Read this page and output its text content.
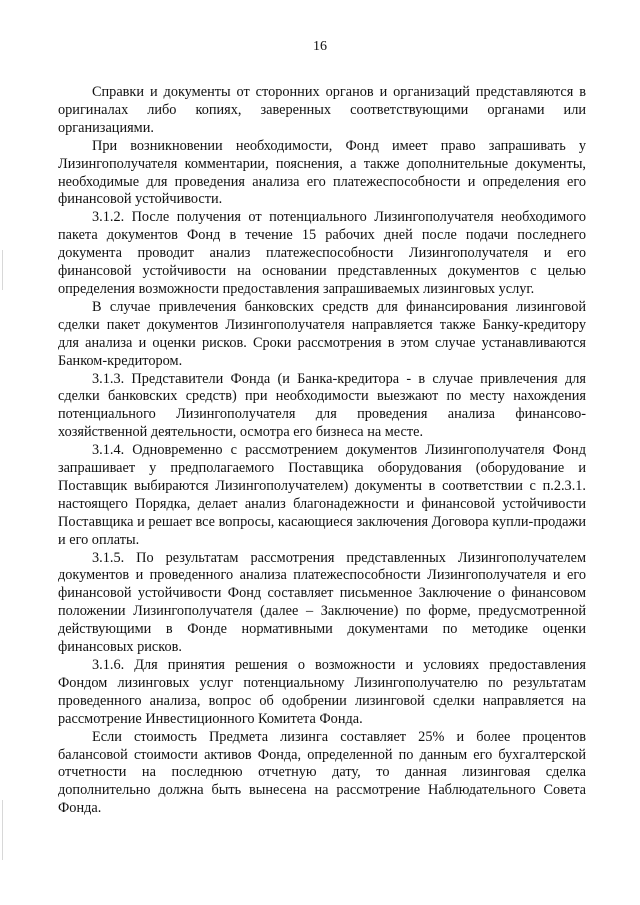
16

Справки и документы от сторонних органов и организаций представляются в оригиналах либо копиях, заверенных соответствующими органами или организациями.

При возникновении необходимости, Фонд имеет право запрашивать у Лизингополучателя комментарии, пояснения, а также дополнительные документы, необходимые для проведения анализа его платежеспособности и определения его финансовой устойчивости.

3.1.2. После получения от потенциального Лизингополучателя необходимого пакета документов Фонд в течение 15 рабочих дней после подачи последнего документа проводит анализ платежеспособности Лизингополучателя и его финансовой устойчивости на основании представленных документов с целью определения возможности предоставления запрашиваемых лизинговых услуг.

В случае привлечения банковских средств для финансирования лизинговой сделки пакет документов Лизингополучателя направляется также Банку-кредитору для анализа и оценки рисков. Сроки рассмотрения в этом случае устанавливаются Банком-кредитором.

3.1.3. Представители Фонда (и Банка-кредитора - в случае привлечения для сделки банковских средств) при необходимости выезжают по месту нахождения потенциального Лизингополучателя для проведения анализа финансово-хозяйственной деятельности, осмотра его бизнеса на месте.

3.1.4. Одновременно с рассмотрением документов Лизингополучателя Фонд запрашивает у предполагаемого Поставщика оборудования (оборудование и Поставщик выбираются Лизингополучателем) документы в соответствии с п.2.3.1. настоящего Порядка, делает анализ благонадежности и финансовой устойчивости Поставщика и решает все вопросы, касающиеся заключения Договора купли-продажи и его оплаты.

3.1.5. По результатам рассмотрения представленных Лизингополучателем документов и проведенного анализа платежеспособности Лизингополучателя и его финансовой устойчивости Фонд составляет письменное Заключение о финансовом положении Лизингополучателя (далее – Заключение) по форме, предусмотренной действующими в Фонде нормативными документами по методике оценки финансовых рисков.

3.1.6. Для принятия решения о возможности и условиях предоставления Фондом лизинговых услуг потенциальному Лизингополучателю по результатам проведенного анализа, вопрос об одобрении лизинговой сделки направляется на рассмотрение Инвестиционного Комитета Фонда.

Если стоимость Предмета лизинга составляет 25% и более процентов балансовой стоимости активов Фонда, определенной по данным его бухгалтерской отчетности на последнюю отчетную дату, то данная лизинговая сделка дополнительно должна быть вынесена на рассмотрение Наблюдательного Совета Фонда.
